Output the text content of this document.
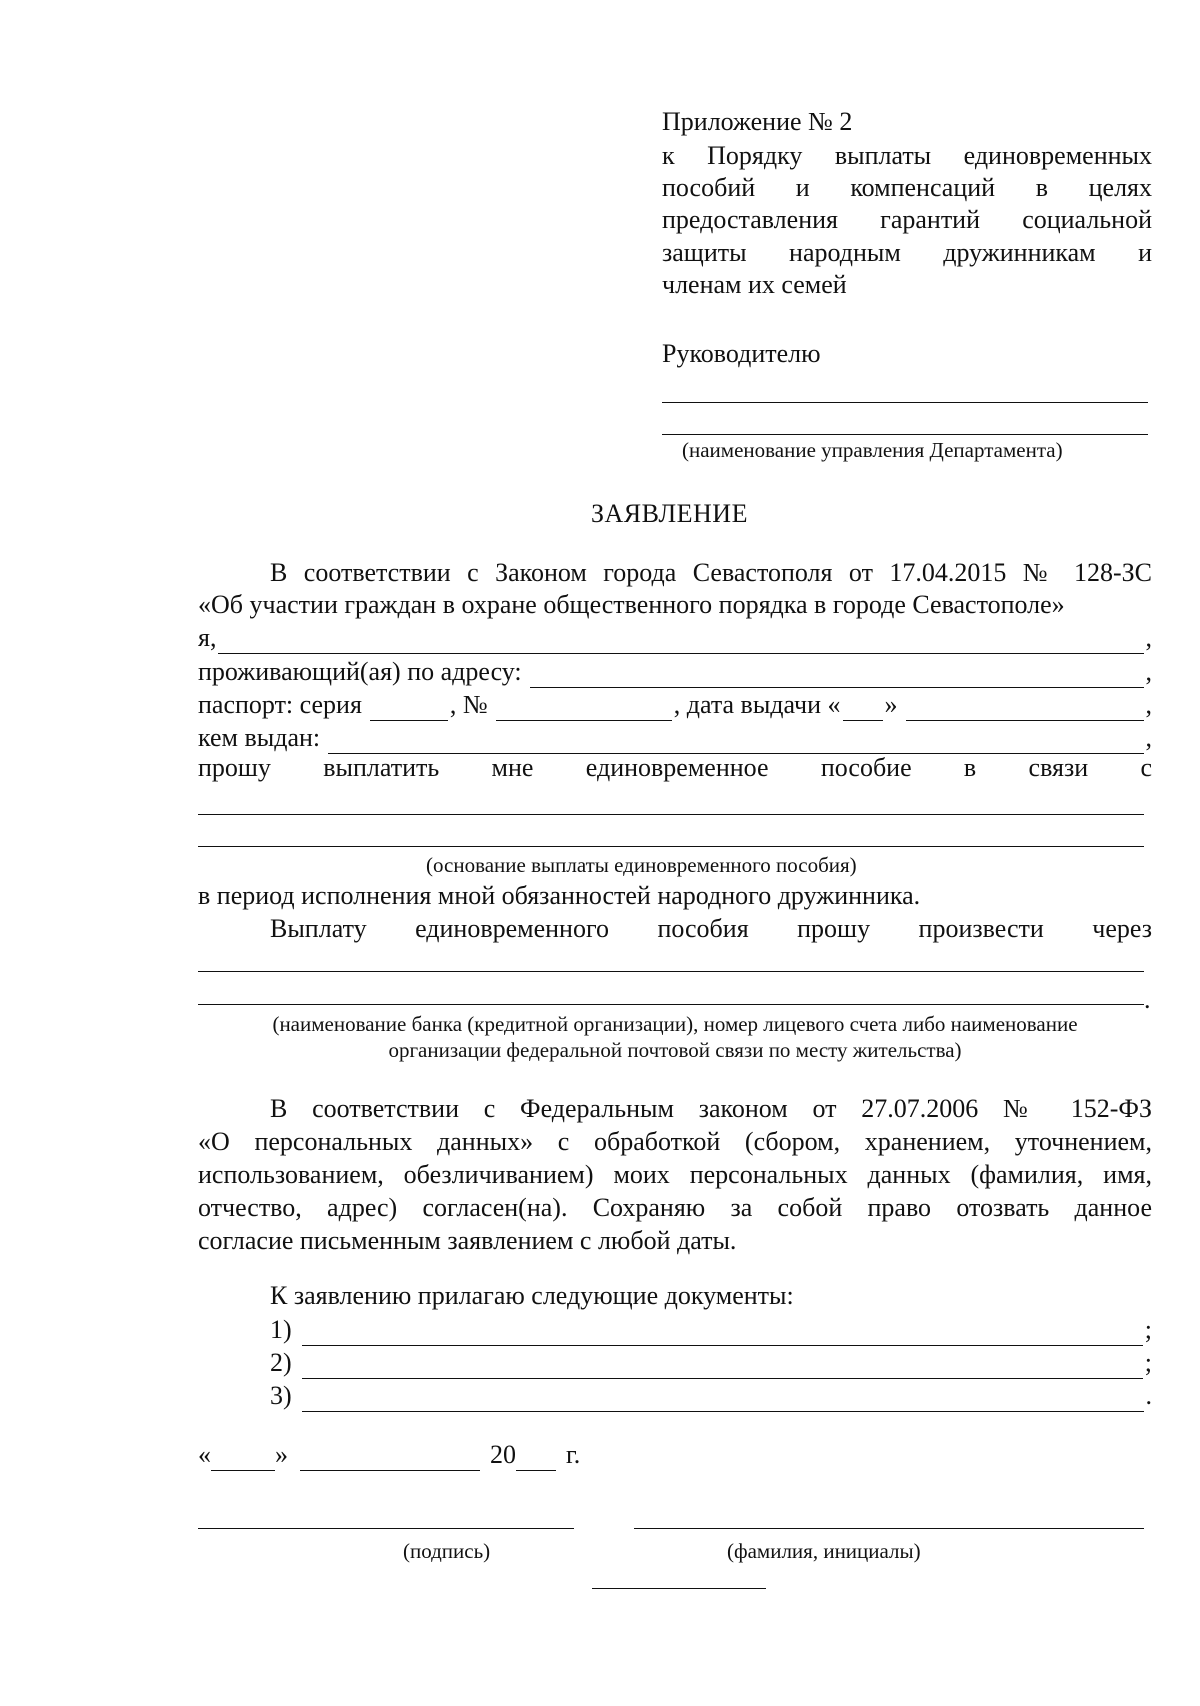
Приложение № 2
к Порядку выплаты единовременных
пособий и компенсаций в целях
предоставления гарантий социальной
защиты народным дружинникам и
членам их семей
Руководителю
(наименование управления Департамента)
ЗАЯВЛЕНИЕ
В соответствии с Законом города Севастополя от 17.04.2015 № 128-ЗС
«Об участии граждан в охране общественного порядка в городе Севастополе»
я,	,
проживающий(ая) по адресу:	,
паспорт: серия	, №	, дата выдачи « »	,
кем выдан:	,
прошу выплатить мне единовременное пособие в связи с
(основание выплаты единовременного пособия)
в период исполнения мной обязанностей народного дружинника.
Выплату единовременного пособия прошу произвести через
.
(наименование банка (кредитной организации), номер лицевого счета либо наименование
организации федеральной почтовой связи по месту жительства)
В соответствии с Федеральным законом от 27.07.2006 № 152-ФЗ
«О персональных данных» с обработкой (сбором, хранением, уточнением,
использованием, обезличиванием) моих персональных данных (фамилия, имя,
отчество, адрес) согласен(на). Сохраняю за собой право отозвать данное
согласие письменным заявлением с любой даты.
К заявлению прилагаю следующие документы:
1)	;
2)	;
3)	.
« »	20 г.
(подпись)	(фамилия, инициалы)
